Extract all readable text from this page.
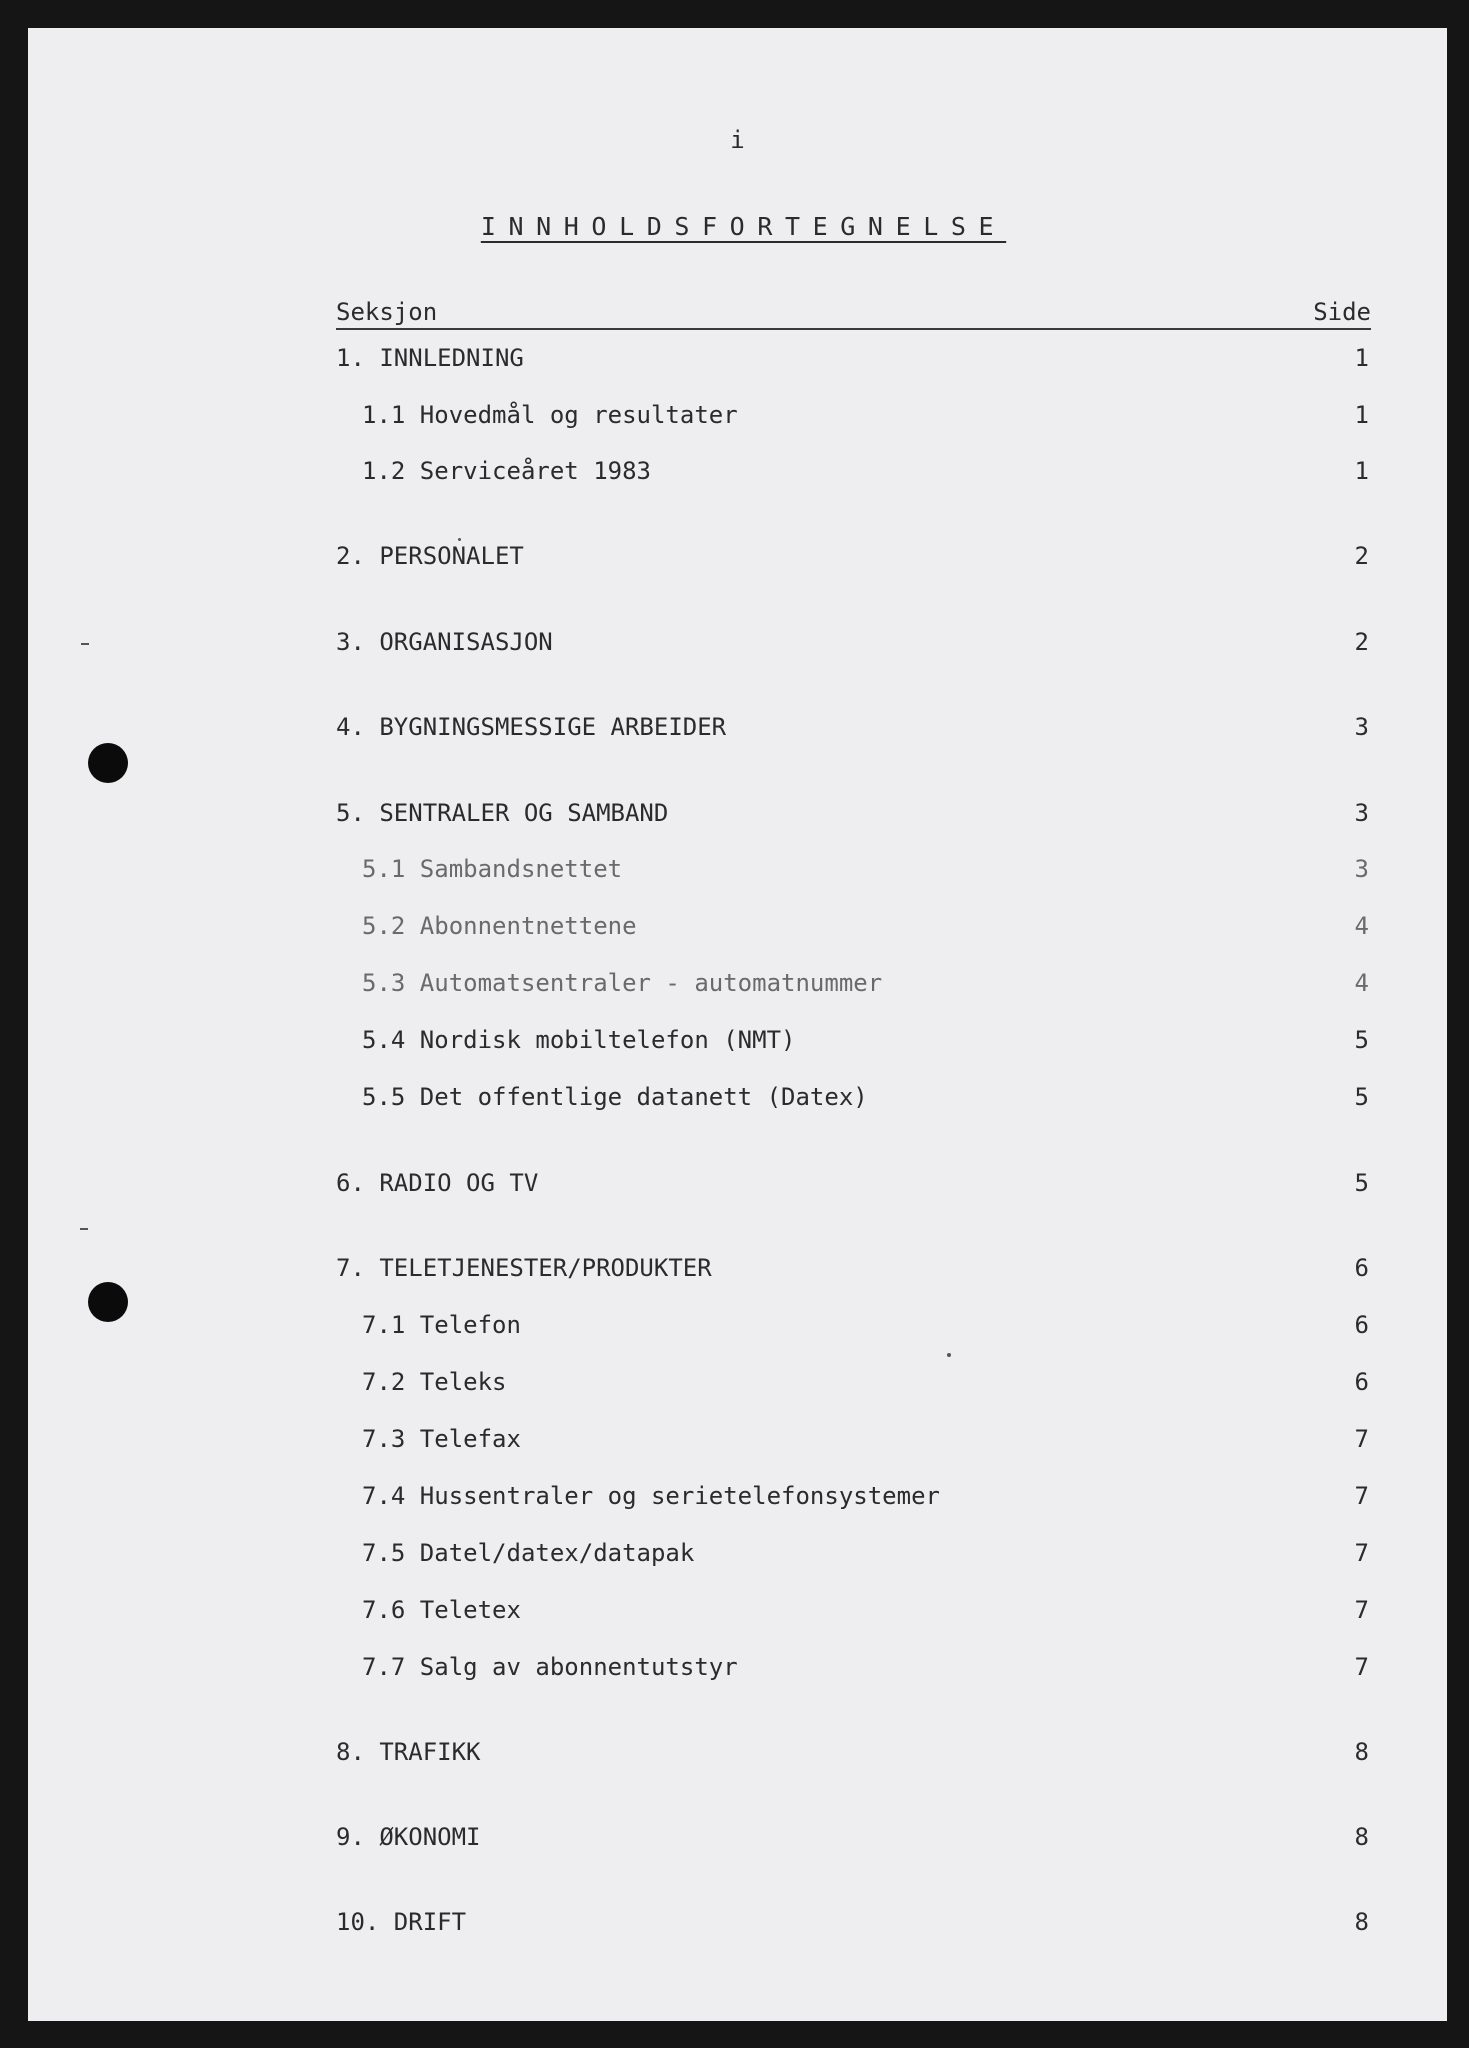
i
INNHOLDSFORTEGNELSE
Seksjon	Side
1. INNLEDNING	1
1.1 Hovedmål og resultater	1
1.2 Serviceåret 1983	1
2. PERSONALET	2
3. ORGANISASJON	2
4. BYGNINGSMESSIGE ARBEIDER	3
5. SENTRALER OG SAMBAND	3
5.1 Sambandsnettet	3
5.2 Abonnentnettene	4
5.3 Automatsentraler - automatnummer	4
5.4 Nordisk mobiltelefon (NMT)	5
5.5 Det offentlige datanett (Datex)	5
6. RADIO OG TV	5
7. TELETJENESTER/PRODUKTER	6
7.1 Telefon	6
7.2 Teleks	6
7.3 Telefax	7
7.4 Hussentraler og serietelefonsystemer	7
7.5 Datel/datex/datapak	7
7.6 Teletex	7
7.7 Salg av abonnentutstyr	7
8. TRAFIKK	8
9. ØKONOMI	8
10. DRIFT	8
